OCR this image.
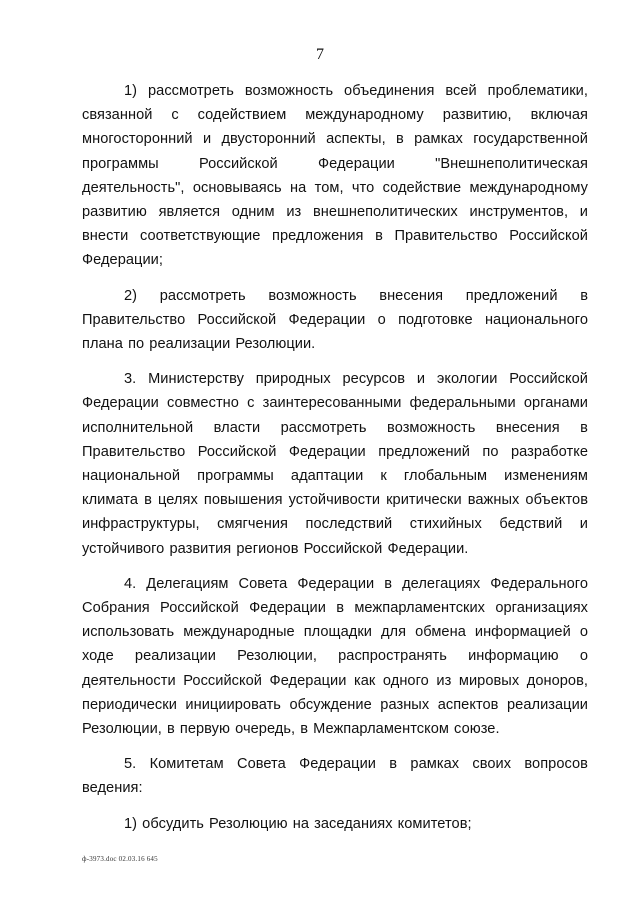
7

1) рассмотреть возможность объединения всей проблематики, связанной с содействием международному развитию, включая многосторонний и двусторонний аспекты, в рамках государственной программы Российской Федерации "Внешнеполитическая деятельность", основываясь на том, что содействие международному развитию является одним из внешнеполитических инструментов, и внести соответствующие предложения в Правительство Российской Федерации;

2) рассмотреть возможность внесения предложений в Правительство Российской Федерации о подготовке национального плана по реализации Резолюции.

3. Министерству природных ресурсов и экологии Российской Федерации совместно с заинтересованными федеральными органами исполнительной власти рассмотреть возможность внесения в Правительство Российской Федерации предложений по разработке национальной программы адаптации к глобальным изменениям климата в целях повышения устойчивости критически важных объектов инфраструктуры, смягчения последствий стихийных бедствий и устойчивого развития регионов Российской Федерации.

4. Делегациям Совета Федерации в делегациях Федерального Собрания Российской Федерации в межпарламентских организациях использовать международные площадки для обмена информацией о ходе реализации Резолюции, распространять информацию о деятельности Российской Федерации как одного из мировых доноров, периодически инициировать обсуждение разных аспектов реализации Резолюции, в первую очередь, в Межпарламентском союзе.

5. Комитетам Совета Федерации в рамках своих вопросов ведения:

1) обсудить Резолюцию на заседаниях комитетов;

ф-3973.doc 02.03.16 645
